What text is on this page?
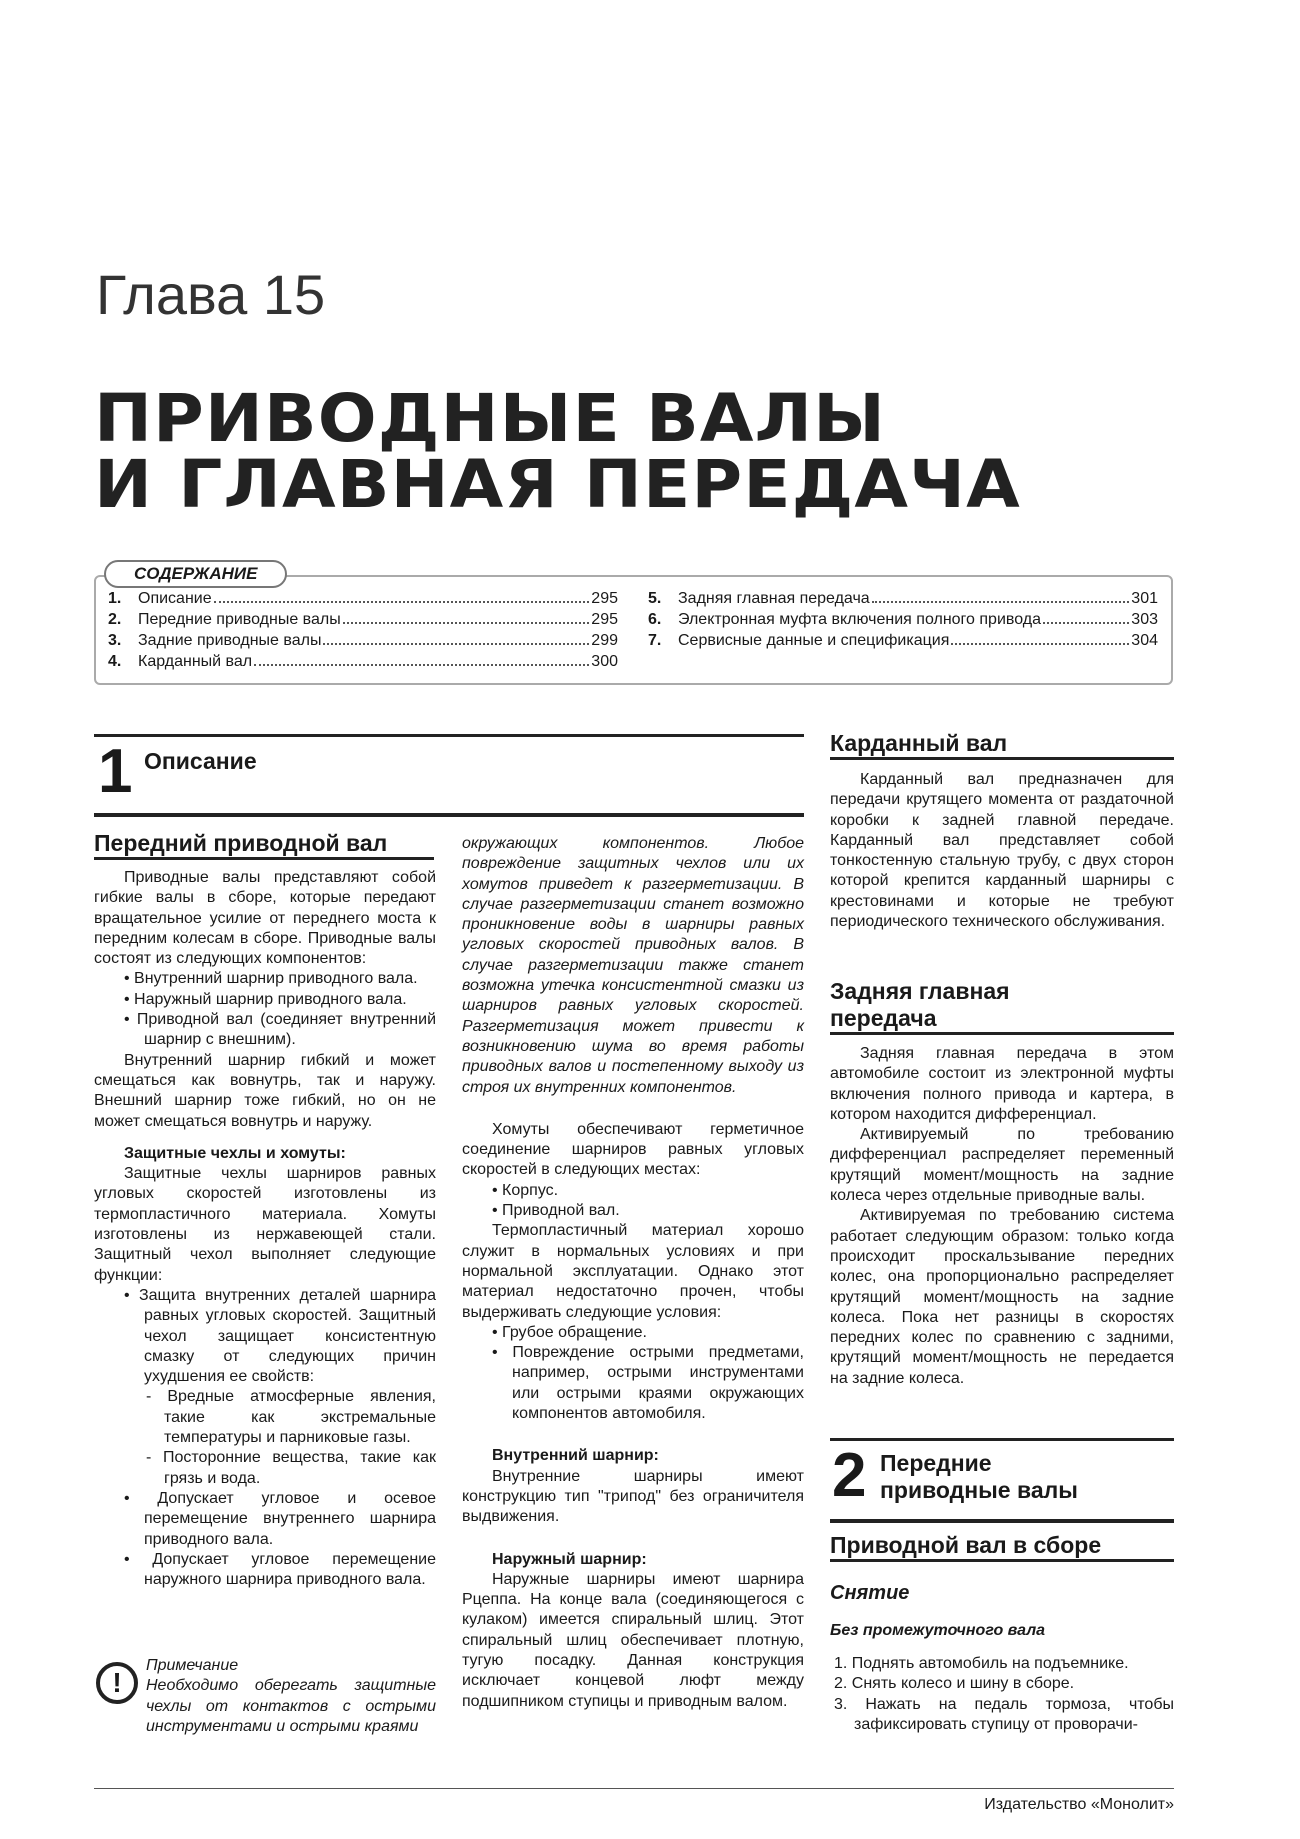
Глава 15
ПРИВОДНЫЕ ВАЛЫ
И ГЛАВНАЯ ПЕРЕДАЧА
СОДЕРЖАНИЕ
1.	Описание	295
2.	Передние приводные валы	295
3.	Задние приводные валы	299
4.	Карданный вал	300
5.	Задняя главная передача	301
6.	Электронная муфта включения полного привода	303
7.	Сервисные данные и спецификация	304
1 Описание
Передний приводной вал

Приводные валы представляют собой гибкие валы в сборе, которые передают вращательное усилие от переднего моста к передним колесам в сборе. Приводные валы состоят из следующих компонентов:

• Внутренний шарнир приводного вала.

• Наружный шарнир приводного вала.

• Приводной вал (соединяет внутренний шарнир с внешним).

Внутренний шарнир гибкий и может смещаться как вовнутрь, так и наружу. Внешний шарнир тоже гибкий, но он не может смещаться вовнутрь и наружу.

Защитные чехлы и хомуты:

Защитные чехлы шарниров равных угловых скоростей изготовлены из термопластичного материала. Хомуты изготовлены из нержавеющей стали. Защитный чехол выполняет следующие функции:

• Защита внутренних деталей шарнира равных угловых скоростей. Защитный чехол защищает консистентную смазку от следующих причин ухудшения ее свойств:

- Вредные атмосферные явления, такие как экстремальные температуры и парниковые газы.

- Посторонние вещества, такие как грязь и вода.

• Допускает угловое и осевое перемещение внутреннего шарнира приводного вала.

• Допускает угловое перемещение наружного шарнира приводного вала.

!

Примечание

Необходимо оберегать защитные чехлы от контактов с острыми инструментами и острыми краями

окружающих компонентов. Любое повреждение защитных чехлов или их хомутов приведет к разгерметизации. В случае разгерметизации станет возможно проникновение воды в шарниры равных угловых скоростей приводных валов. В случае разгерметизации также станет возможна утечка консистентной смазки из шарниров равных угловых скоростей. Разгерметизация может привести к возникновению шума во время работы приводных валов и постепенному выходу из строя их внутренних компонентов.

Хомуты обеспечивают герметичное соединение шарниров равных угловых скоростей в следующих местах:

• Корпус.

• Приводной вал.

Термопластичный материал хорошо служит в нормальных условиях и при нормальной эксплуатации. Однако этот материал недостаточно прочен, чтобы выдерживать следующие условия:

• Грубое обращение.

• Повреждение острыми предметами, например, острыми инструментами или острыми краями окружающих компонентов автомобиля.

Внутренний шарнир:

Внутренние шарниры имеют конструкцию тип "трипод" без ограничителя выдвижения.

Наружный шарнир:

Наружные шарниры имеют шарнира Рцеппа. На конце вала (соединяющегося с кулаком) имеется спиральный шлиц. Этот спиральный шлиц обеспечивает плотную, тугую посадку. Данная конструкция исключает концевой люфт между подшипником ступицы и приводным валом.

Карданный вал

Карданный вал предназначен для передачи крутящего момента от раздаточной коробки к задней главной передаче. Карданный вал представляет собой тонкостенную стальную трубу, с двух сторон которой крепится карданный шарниры с крестовинами и которые не требуют периодического технического обслуживания.

Задняя главная
передача

Задняя главная передача в этом автомобиле состоит из электронной муфты включения полного привода и картера, в котором находится дифференциал.

Активируемый по требованию дифференциал распределяет переменный крутящий момент/мощность на задние колеса через отдельные приводные валы.

Активируемая по требованию система работает следующим образом: только когда происходит проскальзывание передних колес, она пропорционально распределяет крутящий момент/мощность на задние колеса. Пока нет разницы в скоростях передних колес по сравнению с задними, крутящий момент/мощность не передается на задние колеса.

2 Передние
приводные валы
Приводной вал в сборе
Снятие
Без промежуточного вала

1. Поднять автомобиль на подъемнике.

2. Снять колесо и шину в сборе.

3. Нажать на педаль тормоза, чтобы зафиксировать ступицу от проворачи-

Издательство «Монолит»
